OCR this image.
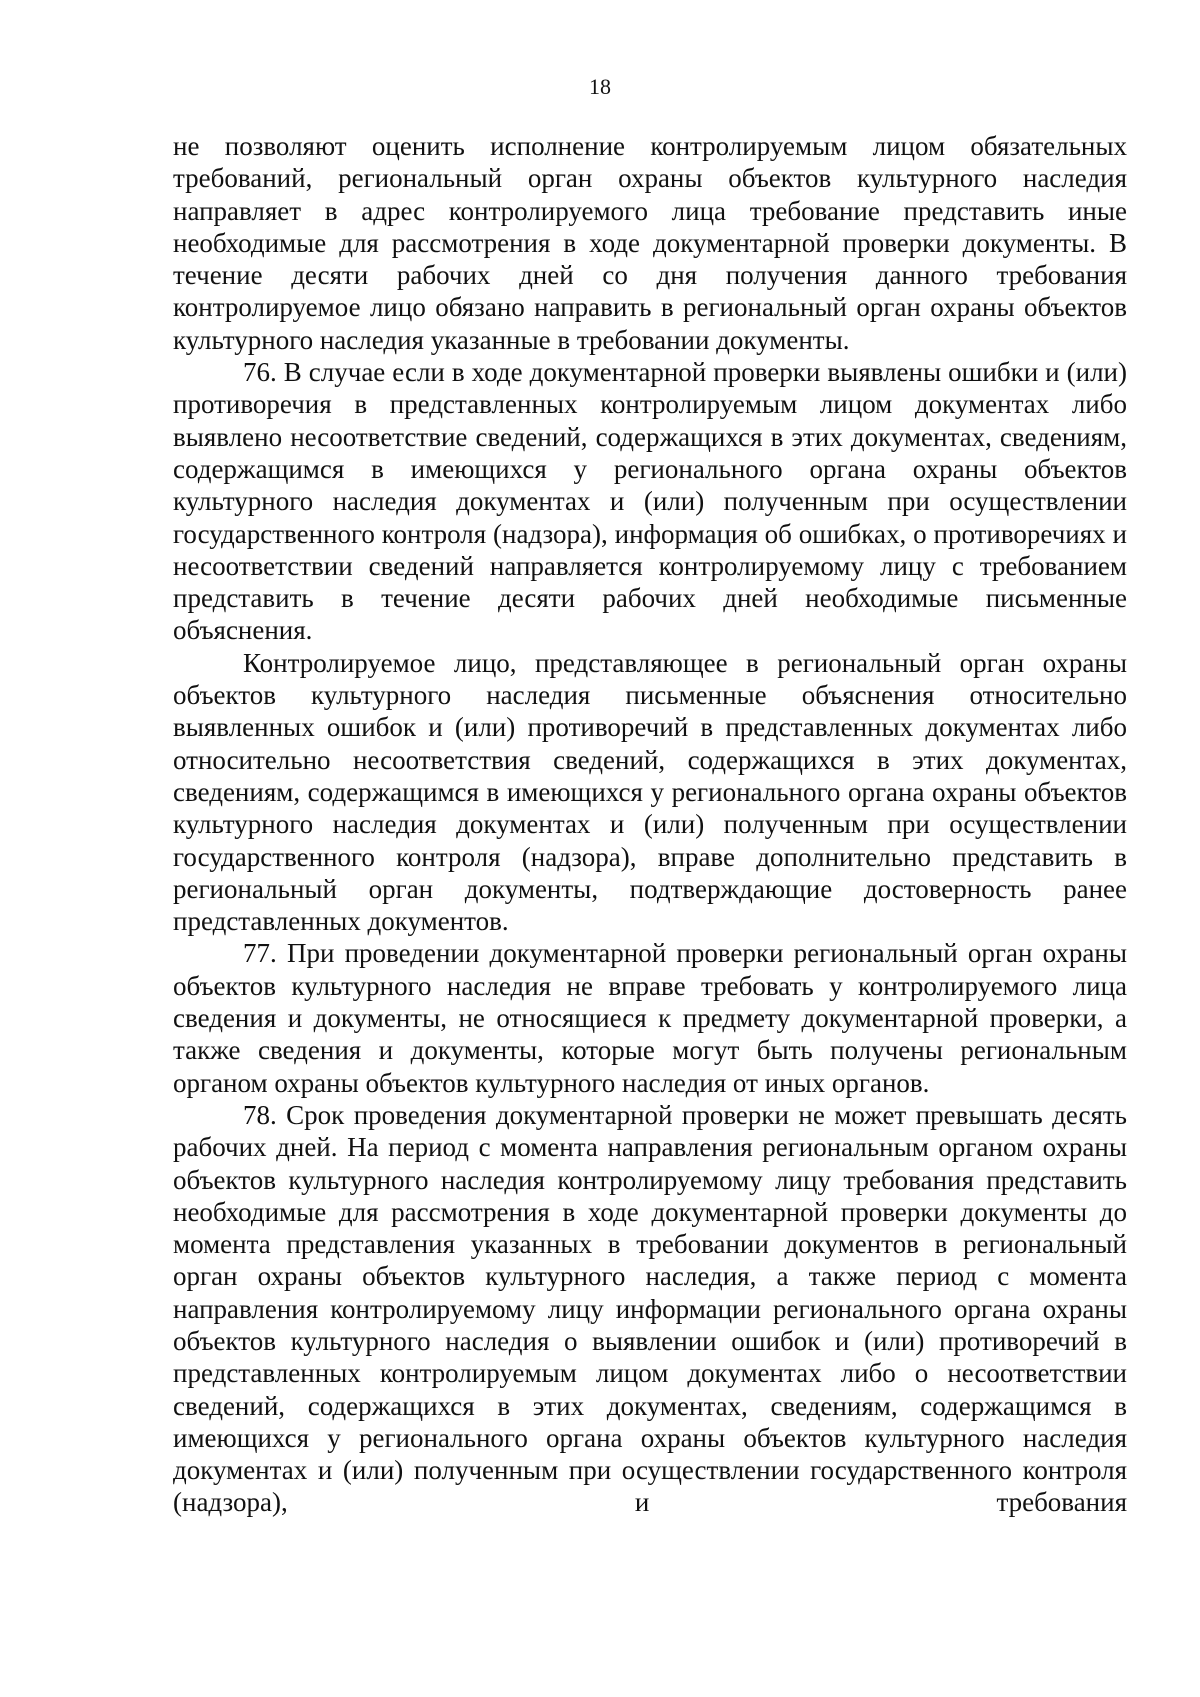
18

не позволяют оценить исполнение контролируемым лицом обязательных требований, региональный орган охраны объектов культурного наследия направляет в адрес контролируемого лица требование представить иные необходимые для рассмотрения в ходе документарной проверки документы. В течение десяти рабочих дней со дня получения данного требования контролируемое лицо обязано направить в региональный орган охраны объектов культурного наследия указанные в требовании документы.

76. В случае если в ходе документарной проверки выявлены ошибки и (или) противоречия в представленных контролируемым лицом документах либо выявлено несоответствие сведений, содержащихся в этих документах, сведениям, содержащимся в имеющихся у регионального органа охраны объектов культурного наследия документах и (или) полученным при осуществлении государственного контроля (надзора), информация об ошибках, о противоречиях и несоответствии сведений направляется контролируемому лицу с требованием представить в течение десяти рабочих дней необходимые письменные объяснения.

Контролируемое лицо, представляющее в региональный орган охраны объектов культурного наследия письменные объяснения относительно выявленных ошибок и (или) противоречий в представленных документах либо относительно несоответствия сведений, содержащихся в этих документах, сведениям, содержащимся в имеющихся у регионального органа охраны объектов культурного наследия документах и (или) полученным при осуществлении государственного контроля (надзора), вправе дополнительно представить в региональный орган документы, подтверждающие достоверность ранее представленных документов.

77. При проведении документарной проверки региональный орган охраны объектов культурного наследия не вправе требовать у контролируемого лица сведения и документы, не относящиеся к предмету документарной проверки, а также сведения и документы, которые могут быть получены региональным органом охраны объектов культурного наследия от иных органов.

78. Срок проведения документарной проверки не может превышать десять рабочих дней. На период с момента направления региональным органом охраны объектов культурного наследия контролируемому лицу требования представить необходимые для рассмотрения в ходе документарной проверки документы до момента представления указанных в требовании документов в региональный орган охраны объектов культурного наследия, а также период с момента направления контролируемому лицу информации регионального органа охраны объектов культурного наследия о выявлении ошибок и (или) противоречий в представленных контролируемым лицом документах либо о несоответствии сведений, содержащихся в этих документах, сведениям, содержащимся в имеющихся у регионального органа охраны объектов культурного наследия документах и (или) полученным при осуществлении государственного контроля (надзора), и требования
